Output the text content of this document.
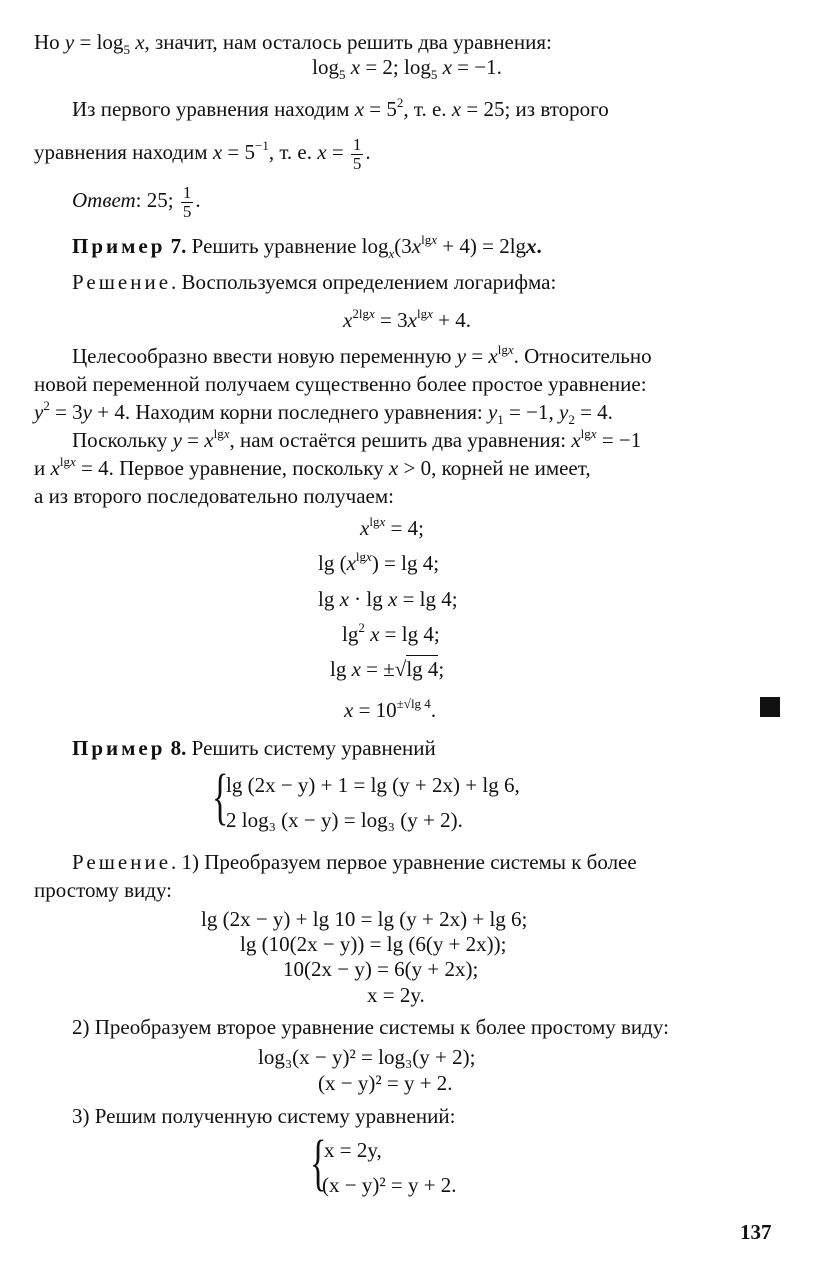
Но $y = \log_5 x$, значит, нам осталось решить два уравнения:
$\log_5 x = 2$; $\log_5 x = -1$.
Из первого уравнения находим $x = 5^2$, т. е. x = 25; из второго
уравнения находим $x = 5^{-1}$, т. е. $x = \frac{1}{5}$ .
Ответ: 25; $\frac{1}{5}$ .
Пример 7. Решить уравнение $\log_x(3x^{lgx} + 4) = 2\lg x$.
Решение. Воспользуемся определением логарифма:
$x^{2lgx} = 3x^{lgx} + 4$.
Целесообразно ввести новую переменную $y = x^{lgx}$. Относительно
новой переменной получаем существенно более простое уравнение:
$y^2 = 3y + 4$. Находим корни последнего уравнения: $y_1 = -1$, $y_2 = 4$.
Поскольку $y = x^{lgx}$, нам остаётся решить два уравнения: $x^{lgx} = -1$
и $x^{lgx} = 4$. Первое уравнение, поскольку x > 0, корней не имеет,
а из второго последовательно получаем:
$x^{lgx} = 4$;
$\lg (x^{lgx}) = \lg 4$;
lg x · lg x = lg 4;
$\lg^2 x = \lg 4$;
lg x = ±√lg 4;
$x = 10^{\pm√lg 4}$.
Пример 8. Решить систему уравнений
{
lg (2x − y) + 1 = lg (y + 2x) + lg 6,
2 log₃ (x − y) = log₃ (y + 2).
Решение. 1) Преобразуем первое уравнение системы к более
простому виду:
lg (2x − y) + lg 10 = lg (y + 2x) + lg 6;
lg (10(2x − y)) = lg (6(y + 2x));
10(2x − y) = 6(y + 2x);
x = 2y.
2) Преобразуем второе уравнение системы к более простому виду:
log₃(x − y)² = log₃(y + 2);
(x − y)² = y + 2.
3) Решим полученную систему уравнений:
{
x = 2y,
(x − y)² = y + 2.
137
